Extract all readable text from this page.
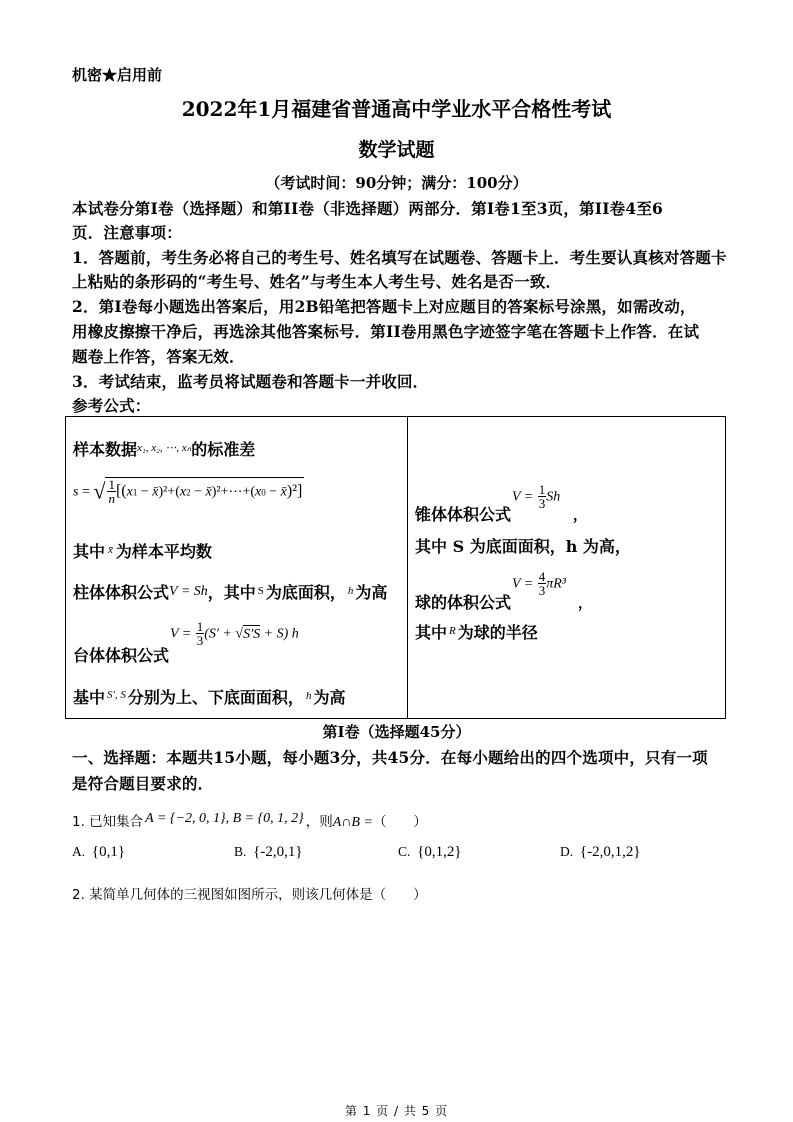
机密★启用前
2022年1月福建省普通高中学业水平合格性考试
数学试题
（考试时间：90分钟；满分：100分）
本试卷分第I卷（选择题）和第II卷（非选择题）两部分．第I卷1至3页，第II卷4至6
页．注意事项：
1．答题前，考生务必将自己的考生号、姓名填写在试题卷、答题卡上．考生要认真核对答题卡
上粘贴的条形码的“考生号、姓名”与考生本人考生号、姓名是否一致．
2．第I卷每小题选出答案后，用2B铅笔把答题卡上对应题目的答案标号涂黑，如需改动，
用橡皮擦擦干净后，再选涂其他答案标号．第II卷用黑色字迹签字笔在答题卡上作答．在试
题卷上作答，答案无效．
3．考试结束，监考员将试题卷和答题卡一并收回．
参考公式：
样本数据$^{x_1, x_2, \cdots, x_n}$的标准差
s = √ $\frac{1}{n} [(x1$ − x̄)²+(x2 − x̄)²+⋯+(x0 − x̄)²]
其中 $^{x̄}$ 为样本平均数
柱体体积公式V = Sh，其中 $^S$ 为底面积， $^h$ 为高
台体体积公式
$V = \frac{1}{3} (S' + √S'S + S)$ h
基中 $^{S', S}$ 分别为上、下底面面积， $^h$ 为高

锥体体积公式
$V = \frac{1}{3}$ Sh
，
其中 S 为底面面积，h 为高，
球的体积公式
$V = \frac{4}{3} \pi R^3$
，
其中 $^R$ 为球的半径
第I卷（选择题45分）
一、选择题：本题共15小题，每小题3分，共45分．在每小题给出的四个选项中，只有一项
是符合题目要求的．
1. 已知集合 A = {−2, 0, 1}, B = {0, 1, 2} ，则A∩B =（　　）
A. {0,1}	B. {-2,0,1}	C. {0,1,2}	D. {-2,0,1,2}
2. 某简单几何体的三视图如图所示，则该几何体是（　　）
第 1 页 / 共 5 页
